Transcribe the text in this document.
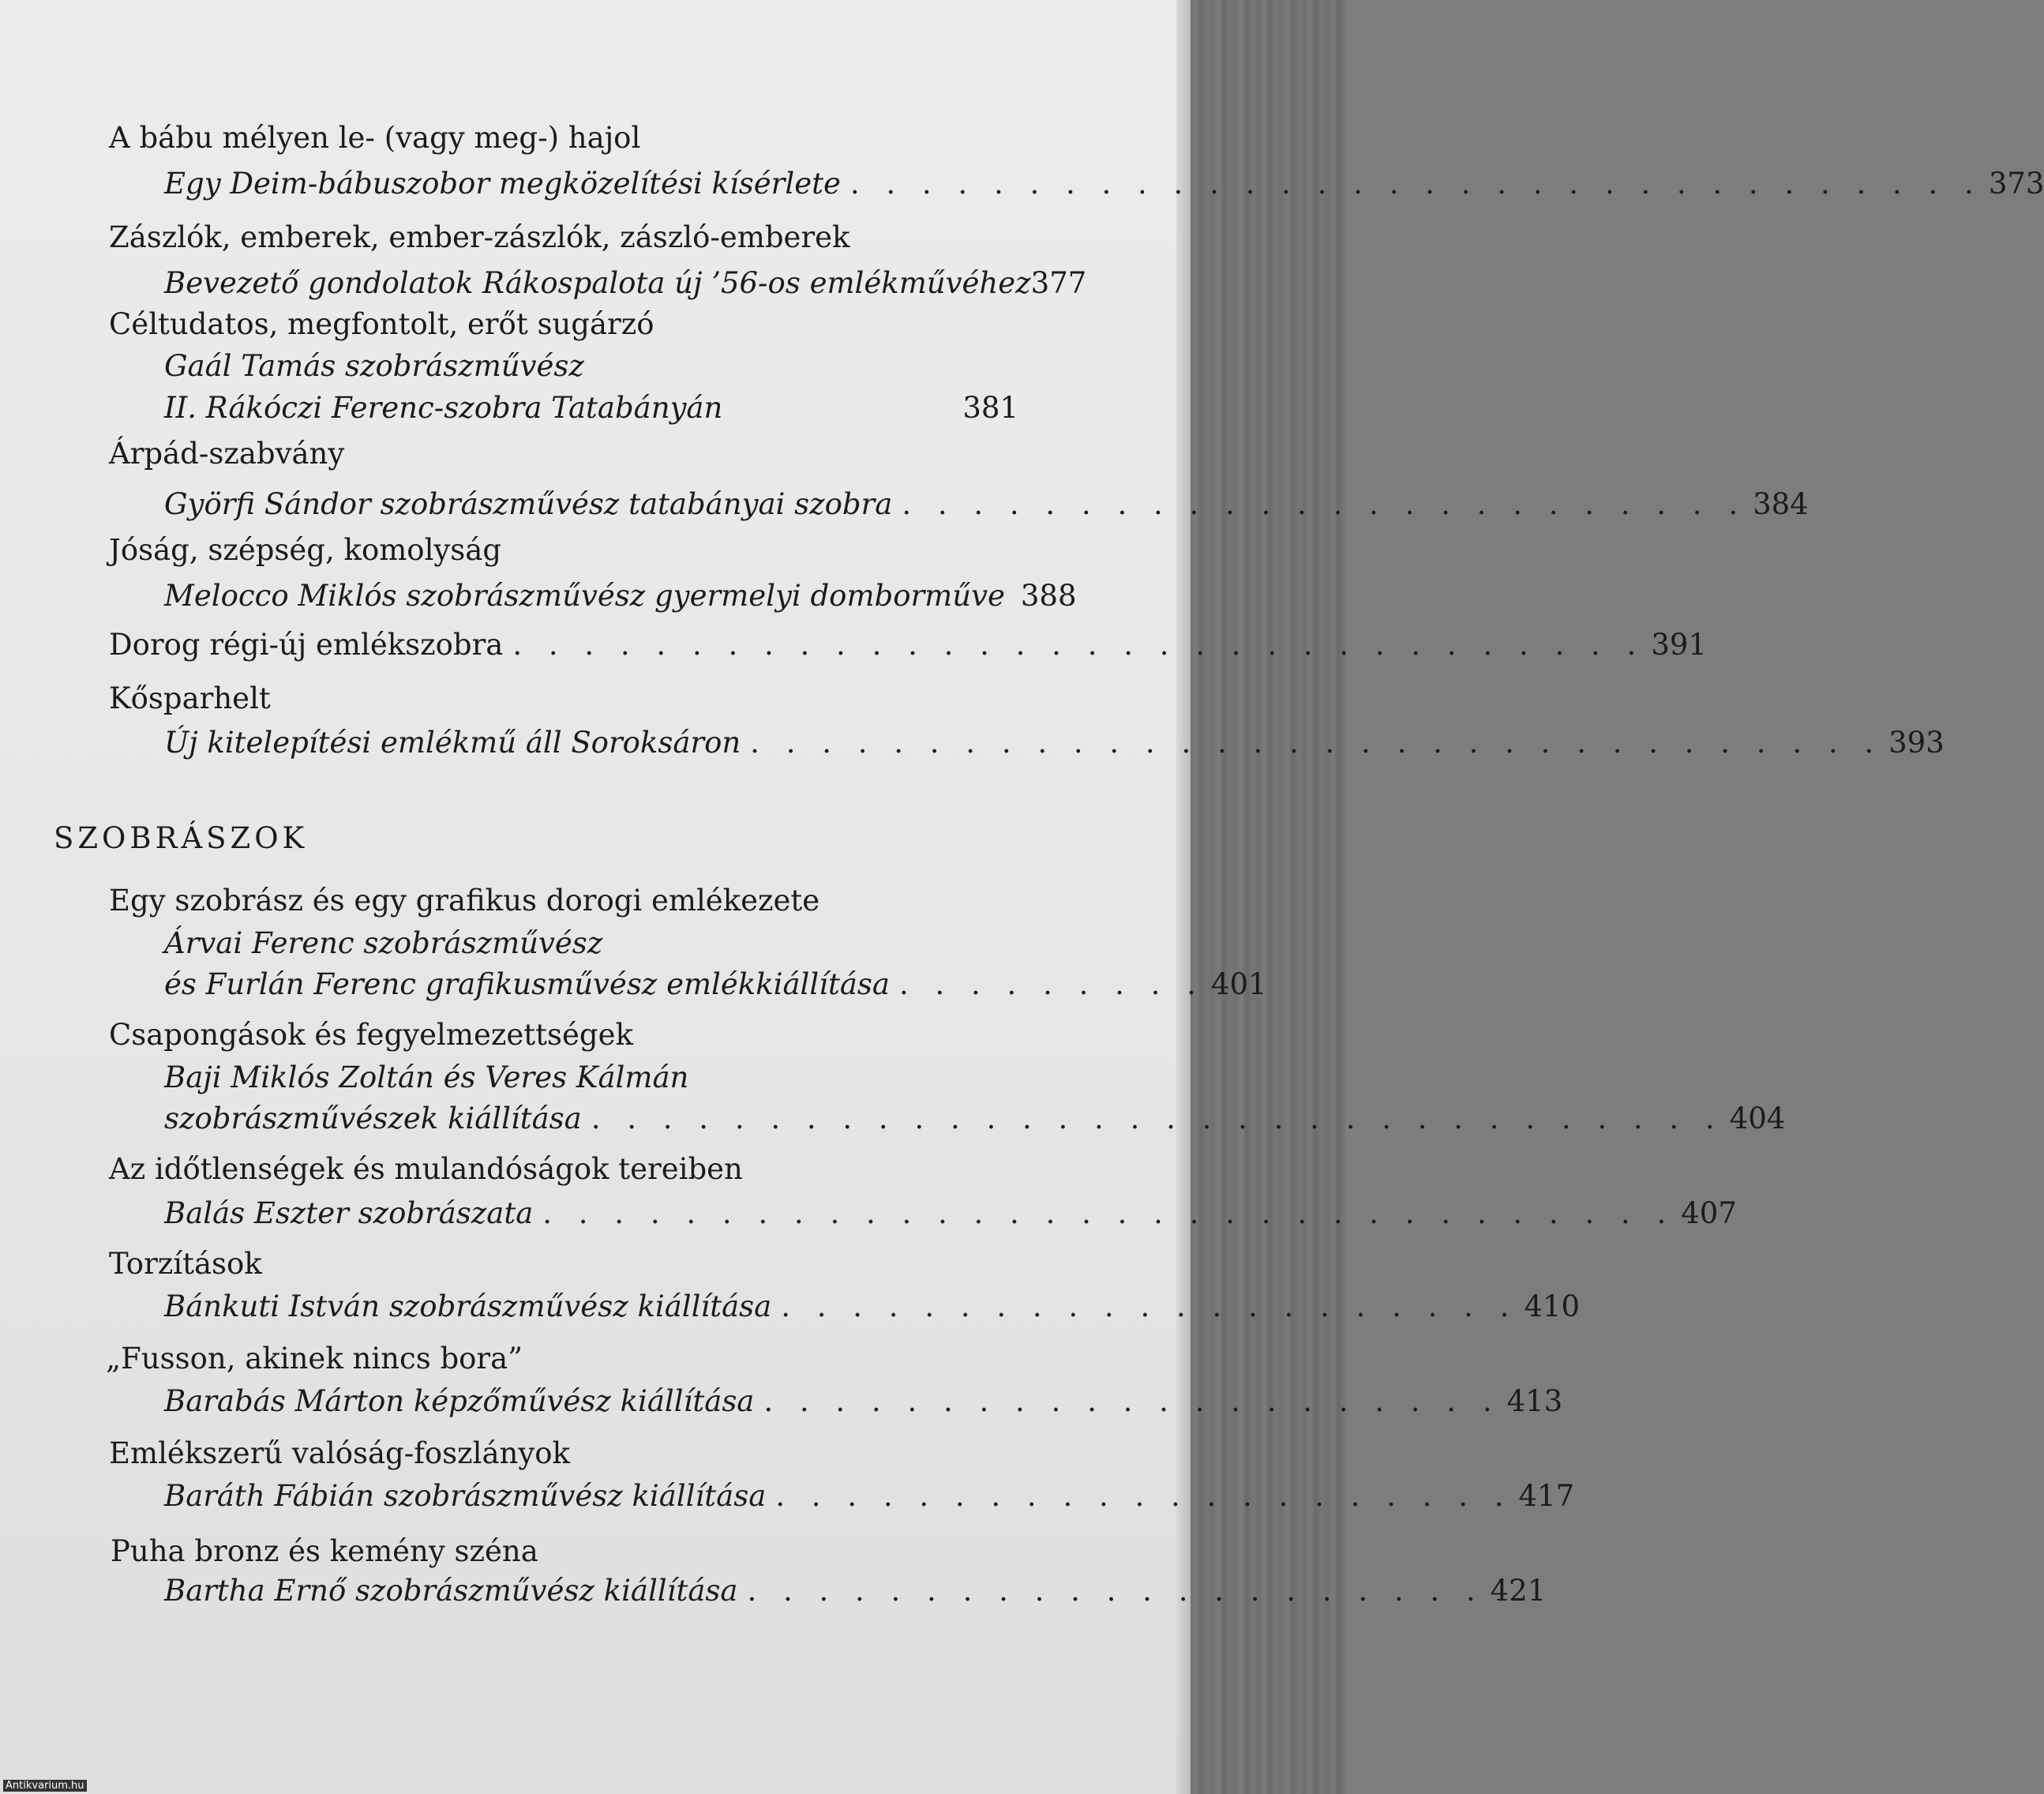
A bábu mélyen le- (vagy meg-) hajol
Egy Deim-bábuszobor megközelítési kísérlete . . . . . . . . . . . . . . . . . . . . . . . . . . . . . . . . 373
Zászlók, emberek, ember-zászlók, zászló-emberek
Bevezető gondolatok Rákospalota új ’56-os emlékművéhez 377
Céltudatos, megfontolt, erőt sugárzó
Gaál Tamás szobrászművész
II. Rákóczi Ferenc-szobra Tatabányán	381
Árpád-szabvány
Györfi Sándor szobrászművész tatabányai szobra . . . . . . . . . . . . . . . . . . . . . . . . 384
Jóság, szépség, komolyság
Melocco Miklós szobrászművész gyermelyi domborműve 388
Dorog régi-új emlékszobra . . . . . . . . . . . . . . . . . . . . . . . . . . . . . . . . 391
Kősparhelt
Új kitelepítési emlékmű áll Soroksáron . . . . . . . . . . . . . . . . . . . . . . . . . . . . . . . . 393
SZOBRÁSZOK
Egy szobrász és egy grafikus dorogi emlékezete
Árvai Ferenc szobrászművész
és Furlán Ferenc grafikusművész emlékkiállítása . . . . . . . . . 401
Csapongások és fegyelmezettségek
Baji Miklós Zoltán és Veres Kálmán
szobrászművészek kiállítása . . . . . . . . . . . . . . . . . . . . . . . . . . . . . . . . 404
Az időtlenségek és mulandóságok tereiben
Balás Eszter szobrászata . . . . . . . . . . . . . . . . . . . . . . . . . . . . . . . . 407
Torzítások
Bánkuti István szobrászművész kiállítása . . . . . . . . . . . . . . . . . . . . . 410
„Fusson, akinek nincs bora”
Barabás Márton képzőművész kiállítása . . . . . . . . . . . . . . . . . . . . . 413
Emlékszerű valóság-foszlányok
Baráth Fábián szobrászművész kiállítása . . . . . . . . . . . . . . . . . . . . . 417
Puha bronz és kemény széna
Bartha Ernő szobrászművész kiállítása . . . . . . . . . . . . . . . . . . . . . 421
Antikvarium.hu
